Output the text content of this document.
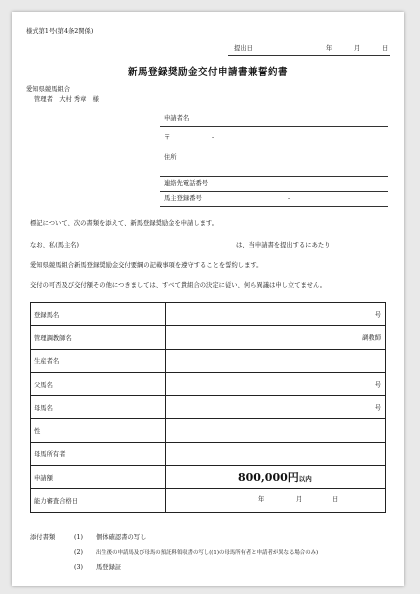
様式第1号(第4条2関係)
提出日	年	月	日
新馬登録奨励金交付申請書兼誓約書
愛知県競馬組合
管理者　大村 秀章　様
申請者名
〒	-
住所
連絡先電話番号
馬主登録番号	-
標記について、次の書類を添えて、新馬登録奨励金を申請します。
なお、私(馬主名)	は、当申請書を提出するにあたり
愛知県競馬組合新馬登録奨励金交付要綱の記載事項を遵守することを誓約します。
交付の可否及び交付額その他につきましては、すべて貴組合の決定に従い、何ら異議は申し立てません。
登録馬名	号

管理調教師名	調教師

生産者名	
父馬名	号

母馬名	号

性	
母馬所有者	
申請額	800,000円以内

能力審査合格日	年 月 日
添付書類	(1) 個体確認書の写し
(2) 出生後の申請馬及び母馬の預託料領収書の写し((1)の母馬所有者と申請者が異なる場合のみ)
(3) 馬登録証
